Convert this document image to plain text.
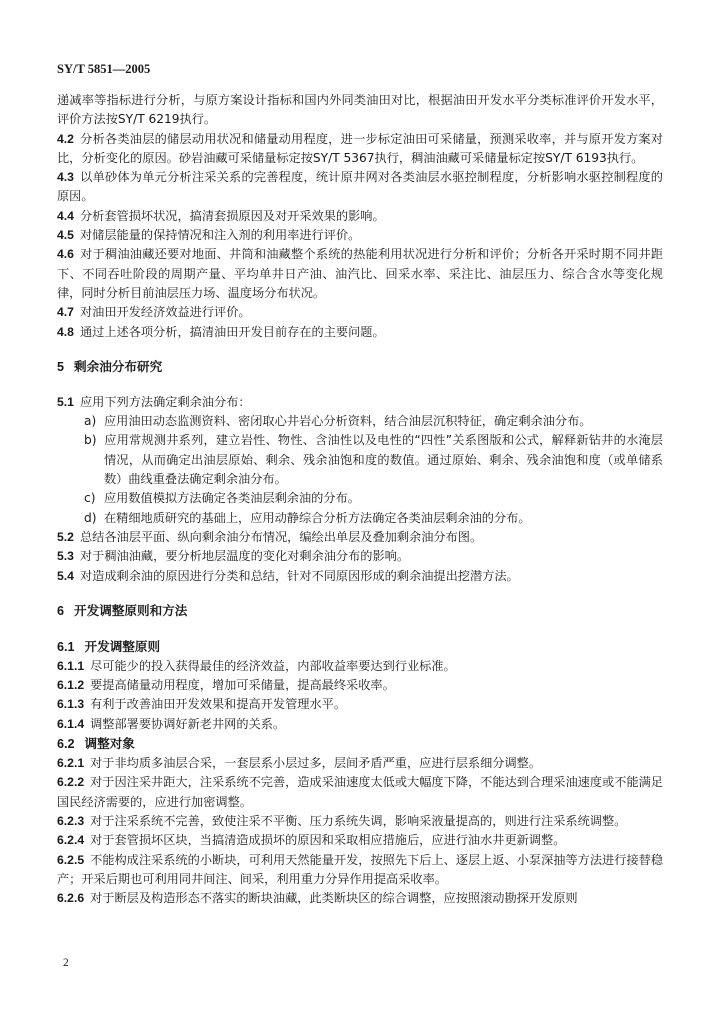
SY/T 5851—2005

递减率等指标进行分析，与原方案设计指标和国内外同类油田对比，根据油田开发水平分类标准评价开发水平，评价方法按SY/T 6219执行。

4.2 分析各类油层的储层动用状况和储量动用程度，进一步标定油田可采储量，预测采收率，并与原开发方案对比，分析变化的原因。砂岩油藏可采储量标定按SY/T 5367执行，稠油油藏可采储量标定按SY/T 6193执行。

4.3 以单砂体为单元分析注采关系的完善程度，统计原井网对各类油层水驱控制程度，分析影响水驱控制程度的原因。

4.4 分析套管损坏状况，搞清套损原因及对开采效果的影响。

4.5 对储层能量的保持情况和注入剂的利用率进行评价。

4.6 对于稠油油藏还要对地面、井筒和油藏整个系统的热能利用状况进行分析和评价；分析各开采时期不同井距下、不同吞吐阶段的周期产量、平均单井日产油、油汽比、回采水率、采注比、油层压力、综合含水等变化规律，同时分析目前油层压力场、温度场分布状况。

4.7 对油田开发经济效益进行评价。

4.8 通过上述各项分析，搞清油田开发目前存在的主要问题。

5 剩余油分布研究

5.1 应用下列方法确定剩余油分布：

a) 应用油田动态监测资料、密闭取心井岩心分析资料，结合油层沉积特征，确定剩余油分布。
b) 应用常规测井系列，建立岩性、物性、含油性以及电性的“四性”关系图版和公式，解释新钻井的水淹层情况，从而确定出油层原始、剩余、残余油饱和度的数值。通过原始、剩余、残余油饱和度（或单储系数）曲线重叠法确定剩余油分布。
c) 应用数值模拟方法确定各类油层剩余油的分布。
d) 在精细地质研究的基础上，应用动静综合分析方法确定各类油层剩余油的分布。

5.2 总结各油层平面、纵向剩余油分布情况，编绘出单层及叠加剩余油分布图。

5.3 对于稠油油藏，要分析地层温度的变化对剩余油分布的影响。

5.4 对造成剩余油的原因进行分类和总结，针对不同原因形成的剩余油提出挖潜方法。

6 开发调整原则和方法
6.1 开发调整原则

6.1.1 尽可能少的投入获得最佳的经济效益，内部收益率要达到行业标准。

6.1.2 要提高储量动用程度，增加可采储量，提高最终采收率。

6.1.3 有利于改善油田开发效果和提高开发管理水平。

6.1.4 调整部署要协调好新老井网的关系。

6.2 调整对象

6.2.1 对于非均质多油层合采，一套层系小层过多，层间矛盾严重，应进行层系细分调整。

6.2.2 对于因注采井距大，注采系统不完善，造成采油速度太低或大幅度下降，不能达到合理采油速度或不能满足国民经济需要的，应进行加密调整。

6.2.3 对于注采系统不完善，致使注采不平衡、压力系统失调，影响采液量提高的，则进行注采系统调整。

6.2.4 对于套管损坏区块，当搞清造成损坏的原因和采取相应措施后，应进行油水井更新调整。

6.2.5 不能构成注采系统的小断块，可利用天然能量开发，按照先下后上、逐层上返、小泵深抽等方法进行接替稳产；开采后期也可利用同井间注、间采，利用重力分异作用提高采收率。

6.2.6 对于断层及构造形态不落实的断块油藏，此类断块区的综合调整，应按照滚动勘探开发原则

2
